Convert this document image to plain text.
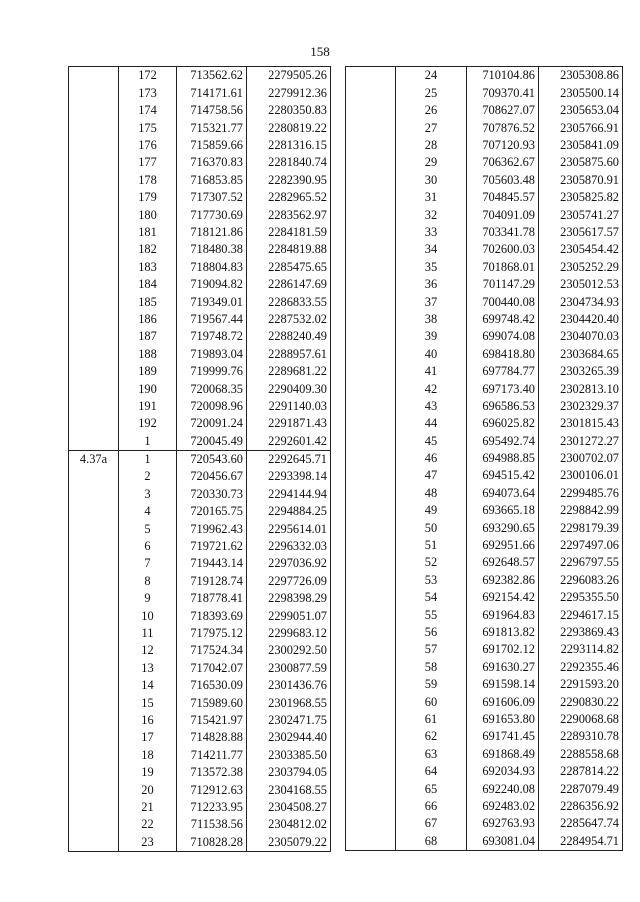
158
	172	713562.62	2279505.26
	173	714171.61	2279912.36
	174	714758.56	2280350.83
	175	715321.77	2280819.22
	176	715859.66	2281316.15
	177	716370.83	2281840.74
	178	716853.85	2282390.95
	179	717307.52	2282965.52
	180	717730.69	2283562.97
	181	718121.86	2284181.59
	182	718480.38	2284819.88
	183	718804.83	2285475.65
	184	719094.82	2286147.69
	185	719349.01	2286833.55
	186	719567.44	2287532.02
	187	719748.72	2288240.49
	188	719893.04	2288957.61
	189	719999.76	2289681.22
	190	720068.35	2290409.30
	191	720098.96	2291140.03
	192	720091.24	2291871.43
	1	720045.49	2292601.42
4.37a	1	720543.60	2292645.71
	2	720456.67	2293398.14
	3	720330.73	2294144.94
	4	720165.75	2294884.25
	5	719962.43	2295614.01
	6	719721.62	2296332.03
	7	719443.14	2297036.92
	8	719128.74	2297726.09
	9	718778.41	2298398.29
	10	718393.69	2299051.07
	11	717975.12	2299683.12
	12	717524.34	2300292.50
	13	717042.07	2300877.59
	14	716530.09	2301436.76
	15	715989.60	2301968.55
	16	715421.97	2302471.75
	17	714828.88	2302944.40
	18	714211.77	2303385.50
	19	713572.38	2303794.05
	20	712912.63	2304168.55
	21	712233.95	2304508.27
	22	711538.56	2304812.02
	23	710828.28	2305079.22
	24	710104.86	2305308.86
	25	709370.41	2305500.14
	26	708627.07	2305653.04
	27	707876.52	2305766.91
	28	707120.93	2305841.09
	29	706362.67	2305875.60
	30	705603.48	2305870.91
	31	704845.57	2305825.82
	32	704091.09	2305741.27
	33	703341.78	2305617.57
	34	702600.03	2305454.42
	35	701868.01	2305252.29
	36	701147.29	2305012.53
	37	700440.08	2304734.93
	38	699748.42	2304420.40
	39	699074.08	2304070.03
	40	698418.80	2303684.65
	41	697784.77	2303265.39
	42	697173.40	2302813.10
	43	696586.53	2302329.37
	44	696025.82	2301815.43
	45	695492.74	2301272.27
	46	694988.85	2300702.07
	47	694515.42	2300106.01
	48	694073.64	2299485.76
	49	693665.18	2298842.99
	50	693290.65	2298179.39
	51	692951.66	2297497.06
	52	692648.57	2296797.55
	53	692382.86	2296083.26
	54	692154.42	2295355.50
	55	691964.83	2294617.15
	56	691813.82	2293869.43
	57	691702.12	2293114.82
	58	691630.27	2292355.46
	59	691598.14	2291593.20
	60	691606.09	2290830.22
	61	691653.80	2290068.68
	62	691741.45	2289310.78
	63	691868.49	2288558.68
	64	692034.93	2287814.22
	65	692240.08	2287079.49
	66	692483.02	2286356.92
	67	692763.93	2285647.74
	68	693081.04	2284954.71
